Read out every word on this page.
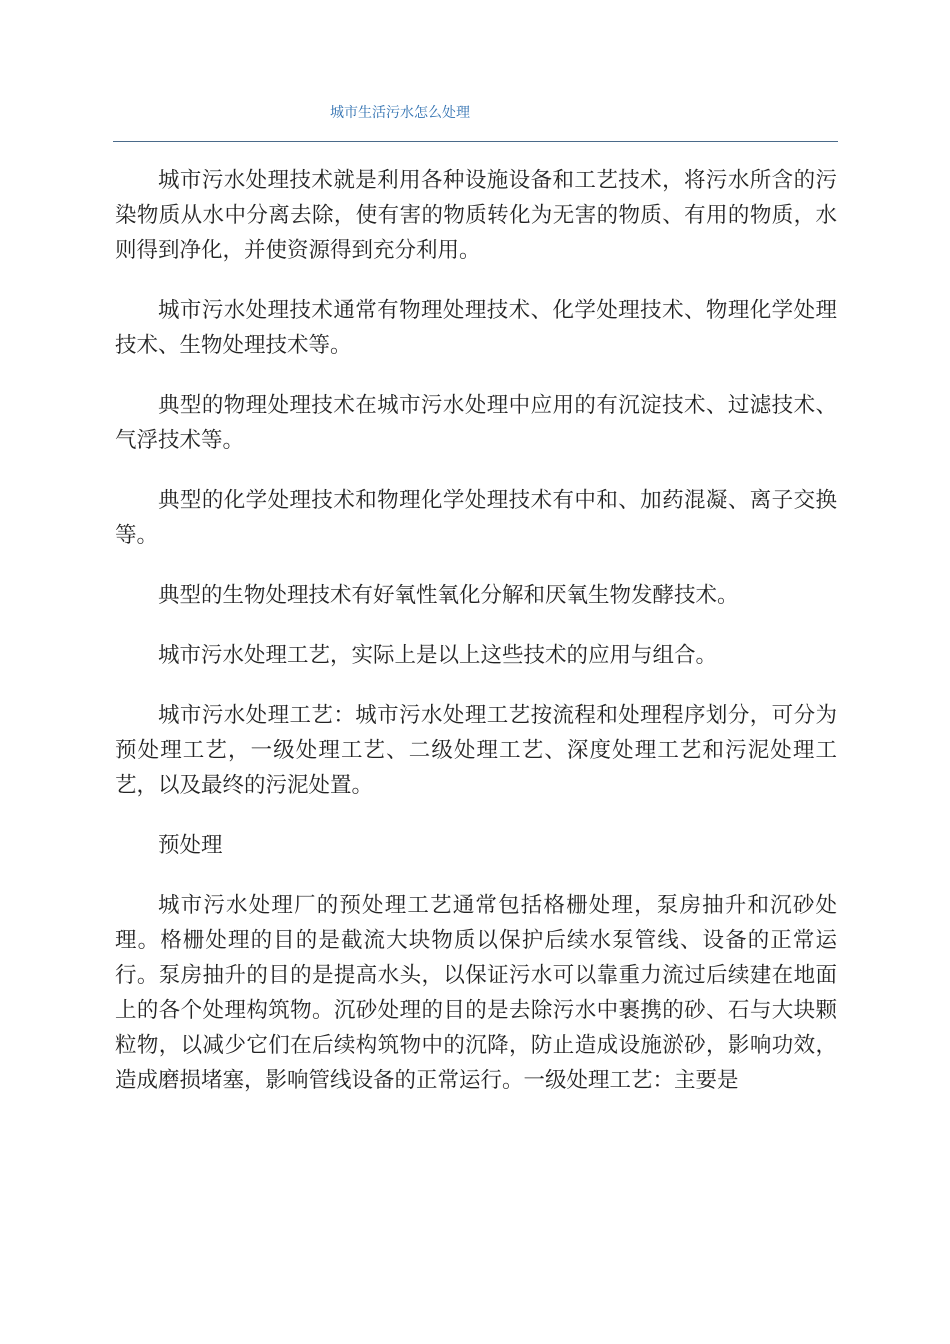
城市生活污水怎么处理

城市污水处理技术就是利用各种设施设备和工艺技术，将污水所含的污染物质从水中分离去除，使有害的物质转化为无害的物质、有用的物质，水则得到净化，并使资源得到充分利用。

城市污水处理技术通常有物理处理技术、化学处理技术、物理化学处理技术、生物处理技术等。

典型的物理处理技术在城市污水处理中应用的有沉淀技术、过滤技术、气浮技术等。

典型的化学处理技术和物理化学处理技术有中和、加药混凝、离子交换等。

典型的生物处理技术有好氧性氧化分解和厌氧生物发酵技术。

城市污水处理工艺，实际上是以上这些技术的应用与组合。

城市污水处理工艺：城市污水处理工艺按流程和处理程序划分，可分为预处理工艺，一级处理工艺、二级处理工艺、深度处理工艺和污泥处理工艺，以及最终的污泥处置。

预处理

城市污水处理厂的预处理工艺通常包括格栅处理，泵房抽升和沉砂处理。格栅处理的目的是截流大块物质以保护后续水泵管线、设备的正常运行。泵房抽升的目的是提高水头，以保证污水可以靠重力流过后续建在地面上的各个处理构筑物。沉砂处理的目的是去除污水中裹携的砂、石与大块颗粒物，以减少它们在后续构筑物中的沉降，防止造成设施淤砂，影响功效，造成磨损堵塞，影响管线设备的正常运行。一级处理工艺：主要是
